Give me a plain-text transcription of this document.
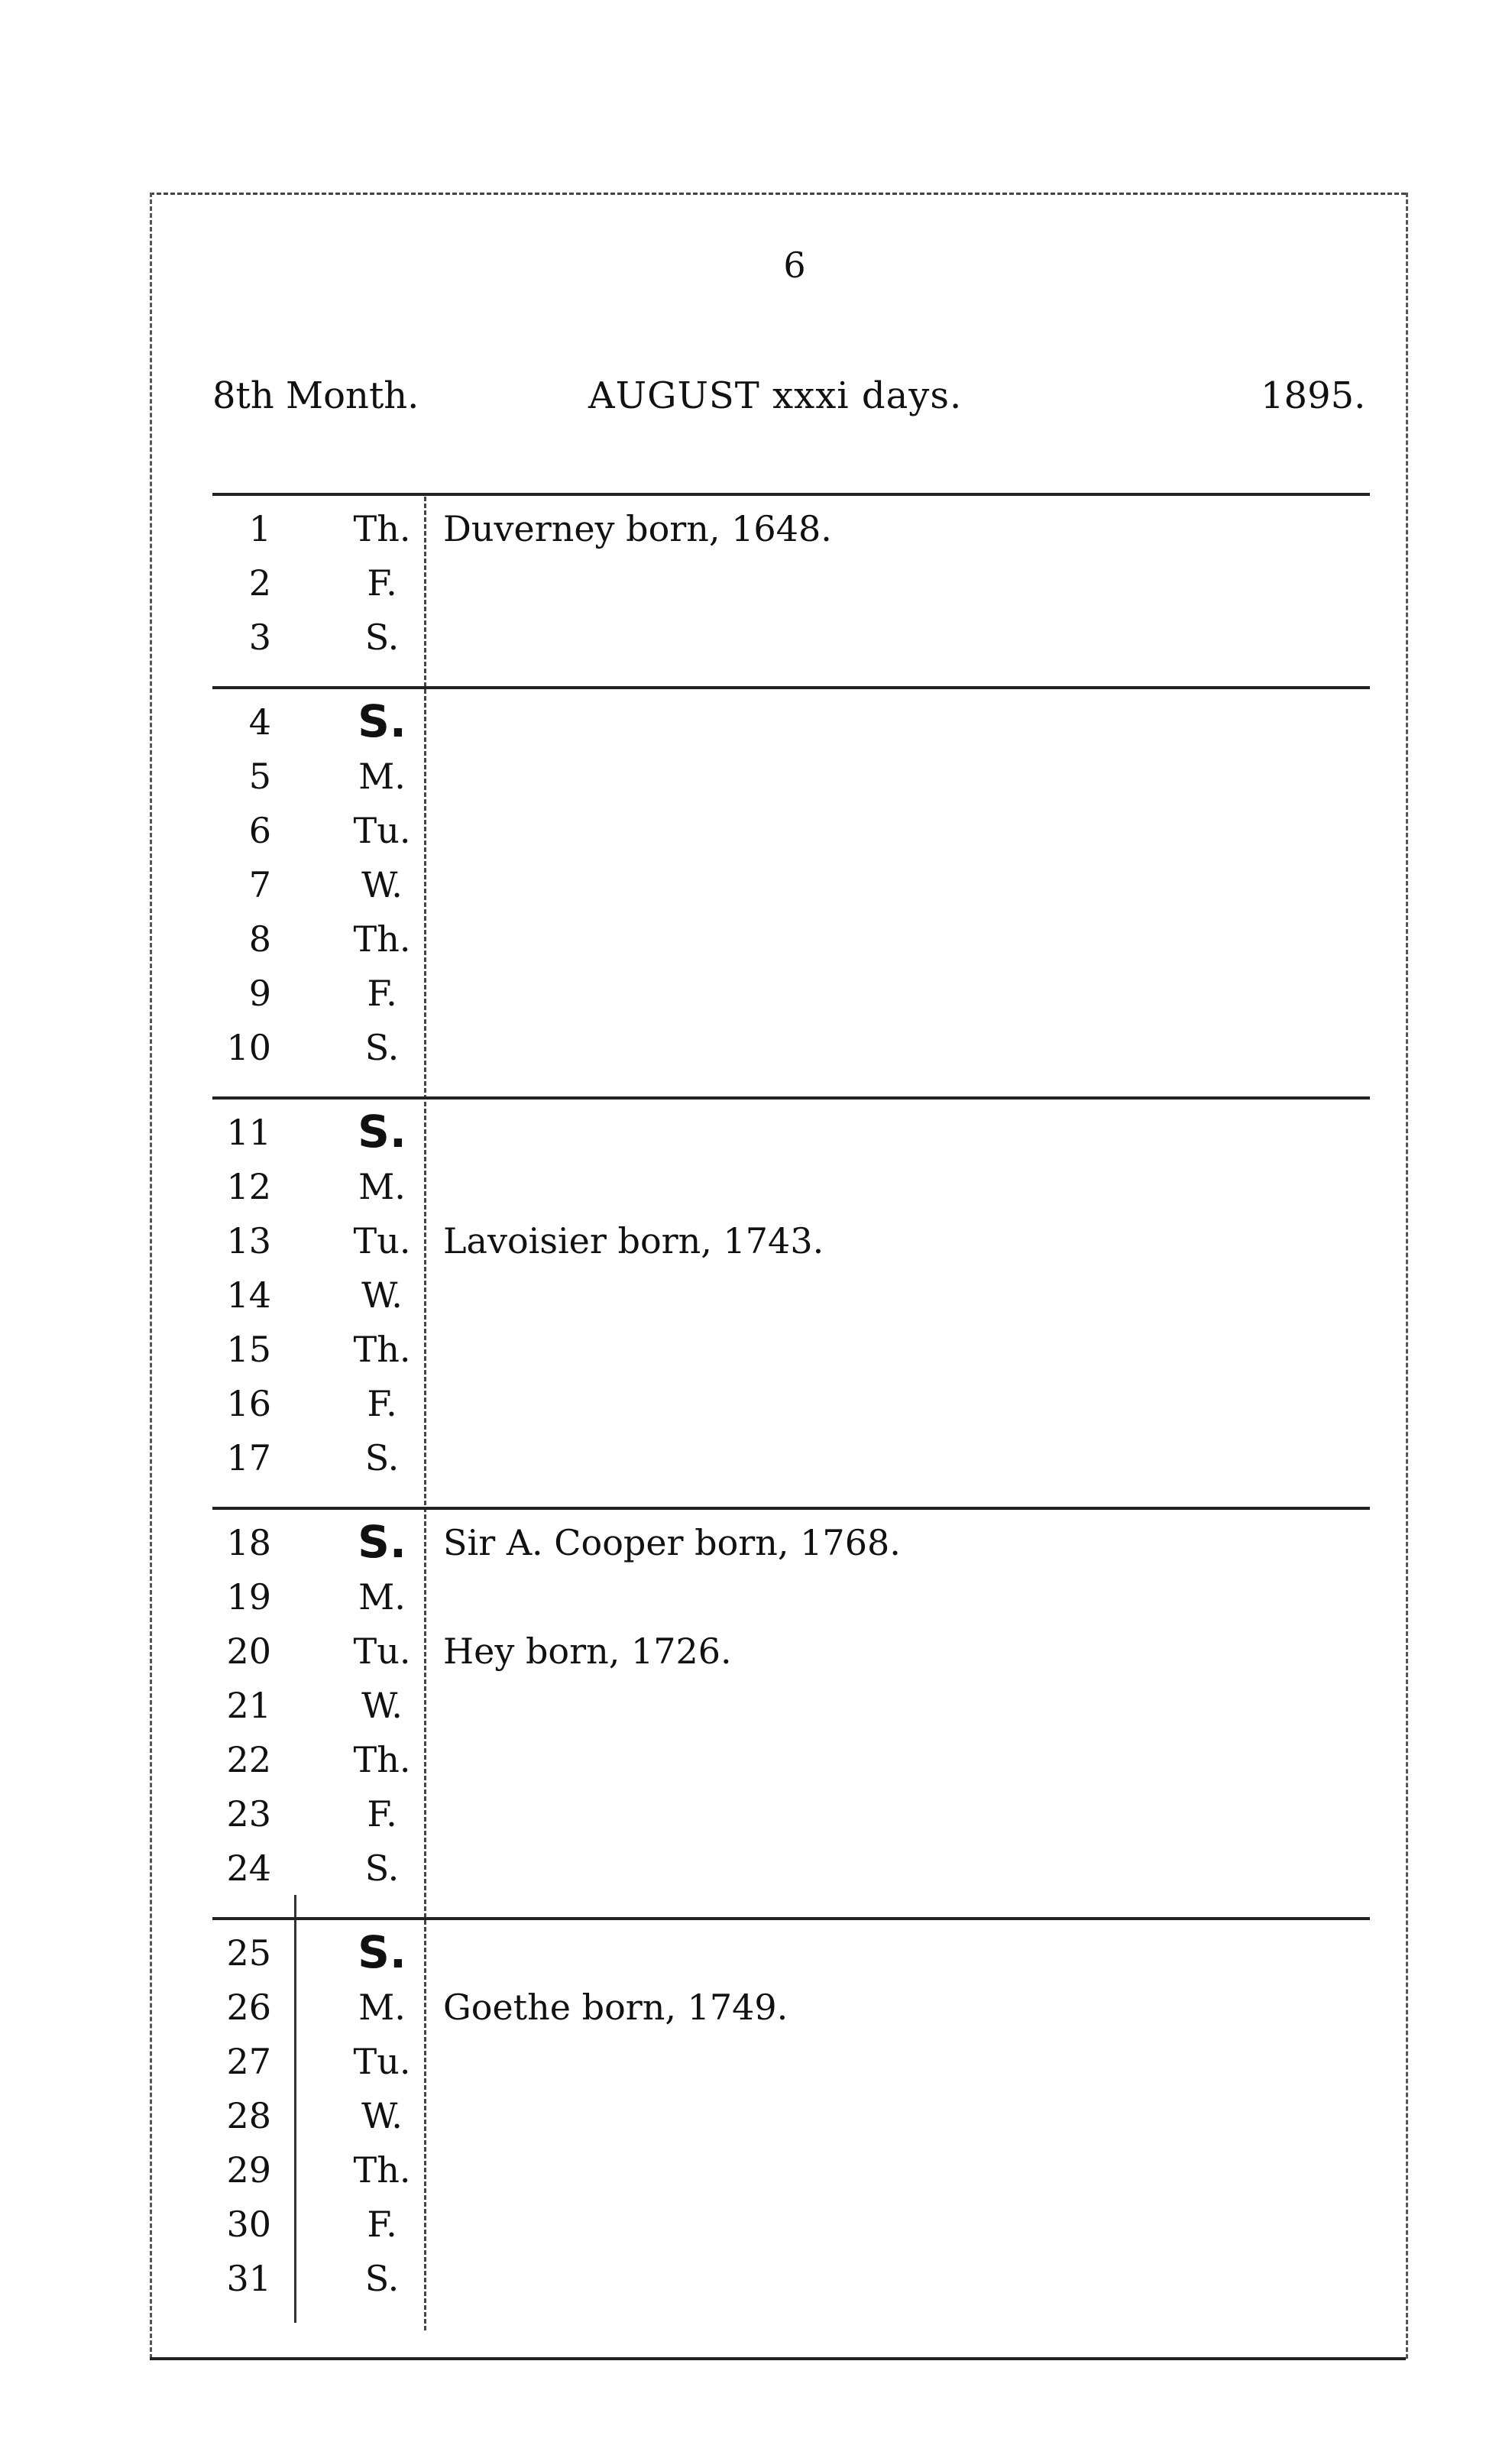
6
8th Month.	AUGUST xxxi days.	1895.
1	Th. Duverney born, 1648.
2	F.
3	S.
4	S.
5	M.
6	Tu.
7	W.
8	Th.
9	F.
10	S.
11	S.
12	M.
13	Tu. Lavoisier born, 1743.
14	W.
15	Th.
16	F.
17	S.
18	S.	Sir A. Cooper born, 1768.
19	M.
20	Tu. Hey born, 1726.
21	W.
22	Th.
23	F.
24	S.
25	S.
26	M.	Goethe born, 1749.
27	Tu.
28	W.
29	Th.
30	F.
31	S.
